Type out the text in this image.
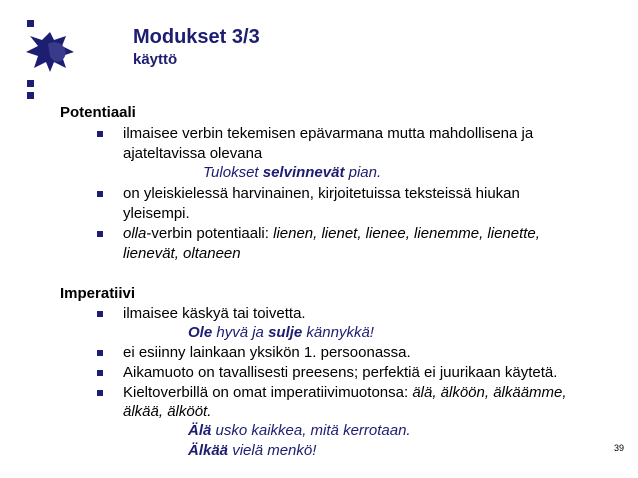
Modukset 3/3
käyttö
Potentiaali
ilmaisee verbin tekemisen epävarmana mutta mahdollisena ja
ajateltavissa olevana
Tulokset selvinnevät pian.
on yleiskielessä harvinainen, kirjoitetuissa teksteissä hiukan
yleisempi.
olla-verbin potentiaali: lienen, lienet, lienee, lienemme, lienette,
lienevät, oltaneen
Imperatiivi
ilmaisee käskyä tai toivetta.
Ole hyvä ja sulje kännykkä!
ei esiinny lainkaan yksikön 1. persoonassa.
Aikamuoto on tavallisesti preesens; perfektiä ei juurikaan käytetä.
Kieltoverbillä on omat imperatiivimuotonsa: älä, älköön, älkäämme,
älkää, älkööt.
Älä usko kaikkea, mitä kerrotaan.
Älkää vielä menkö!	39
